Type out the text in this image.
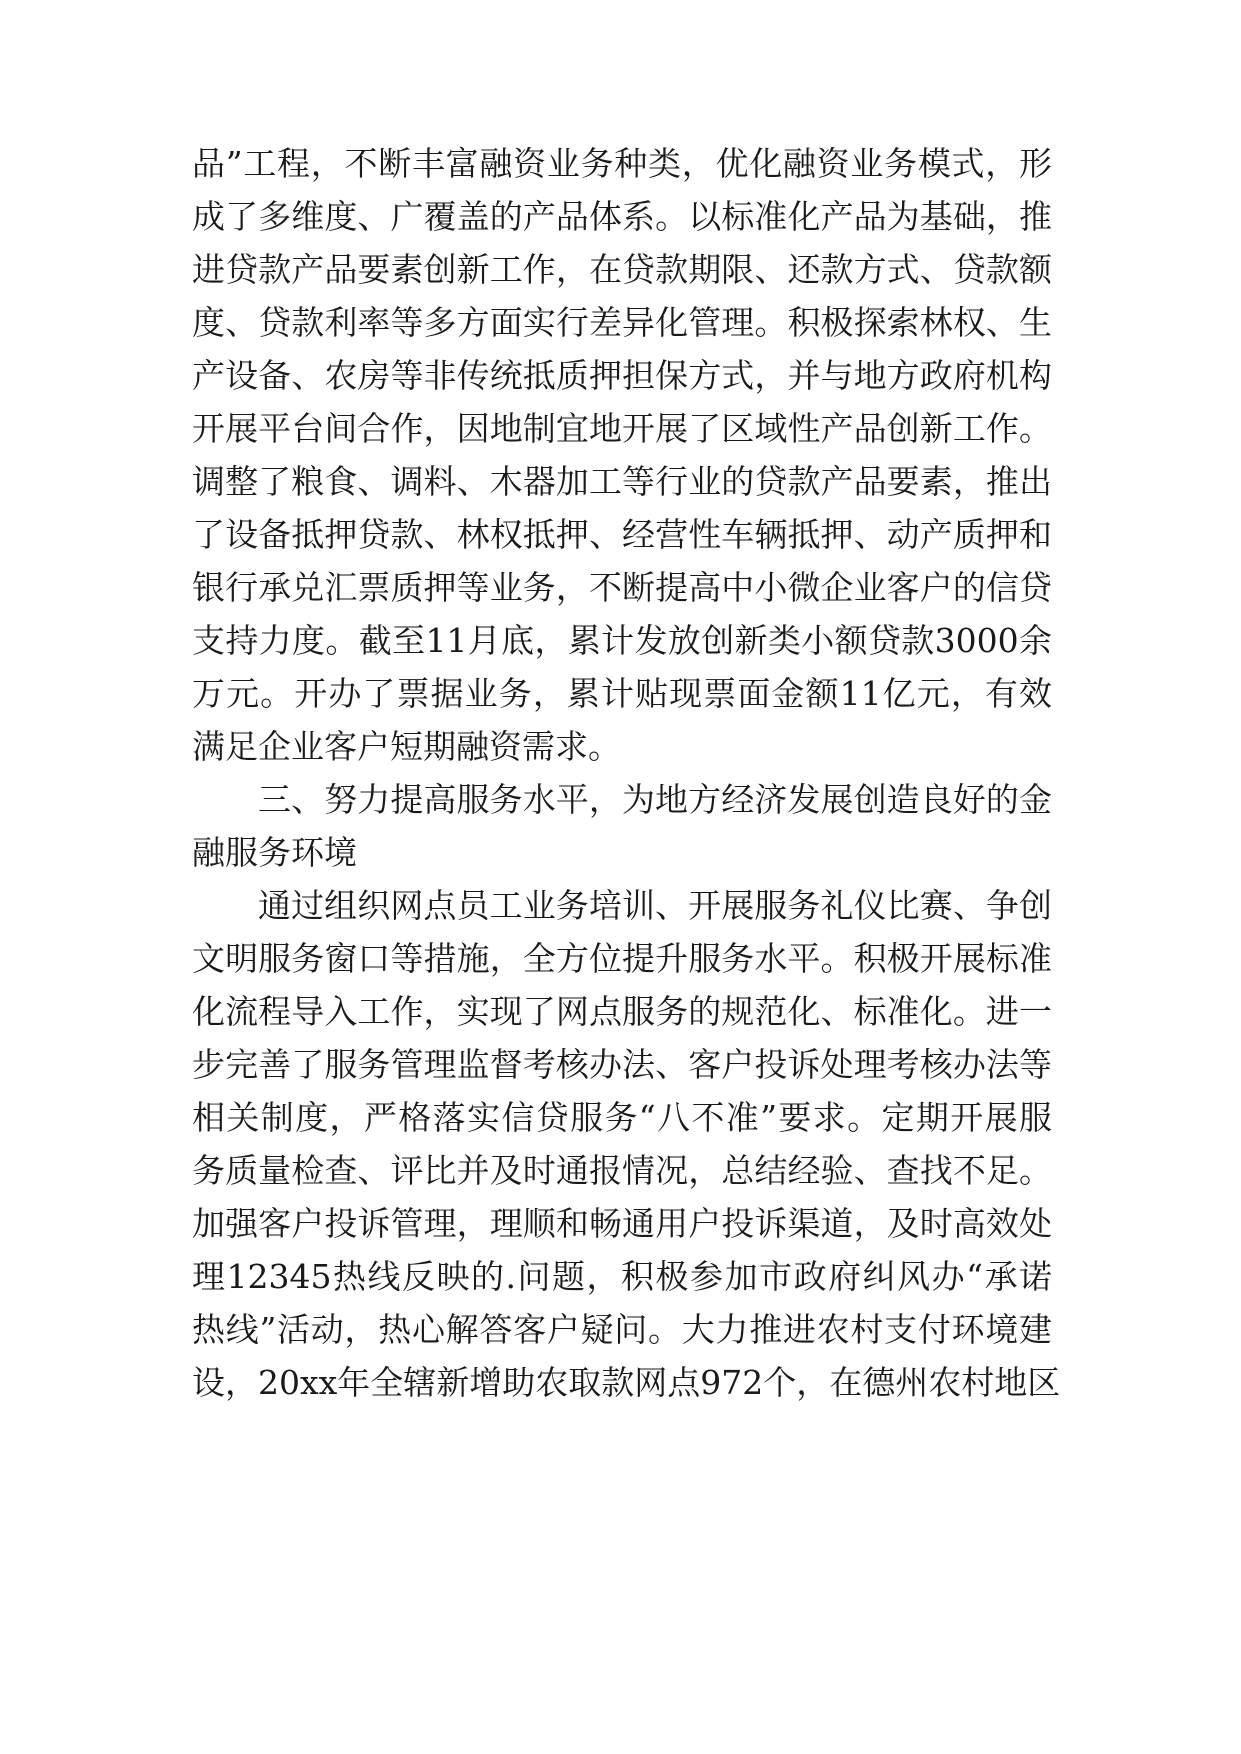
品”工程，不断丰富融资业务种类，优化融资业务模式，形
成了多维度、广覆盖的产品体系。以标准化产品为基础，推
进贷款产品要素创新工作，在贷款期限、还款方式、贷款额
度、贷款利率等多方面实行差异化管理。积极探索林权、生
产设备、农房等非传统抵质押担保方式，并与地方政府机构
开展平台间合作，因地制宜地开展了区域性产品创新工作。
调整了粮食、调料、木器加工等行业的贷款产品要素，推出
了设备抵押贷款、林权抵押、经营性车辆抵押、动产质押和
银行承兑汇票质押等业务，不断提高中小微企业客户的信贷
支持力度。截至11月底，累计发放创新类小额贷款3000余
万元。开办了票据业务，累计贴现票面金额11亿元，有效
满足企业客户短期融资需求。
三、努力提高服务水平，为地方经济发展创造良好的金
融服务环境
通过组织网点员工业务培训、开展服务礼仪比赛、争创
文明服务窗口等措施，全方位提升服务水平。积极开展标准
化流程导入工作，实现了网点服务的规范化、标准化。进一
步完善了服务管理监督考核办法、客户投诉处理考核办法等
相关制度，严格落实信贷服务“八不准”要求。定期开展服
务质量检查、评比并及时通报情况，总结经验、查找不足。
加强客户投诉管理，理顺和畅通用户投诉渠道，及时高效处
理12345热线反映的.问题，积极参加市政府纠风办“承诺
热线”活动，热心解答客户疑问。大力推进农村支付环境建
设，20xx年全辖新增助农取款网点972个，在德州农村地区
